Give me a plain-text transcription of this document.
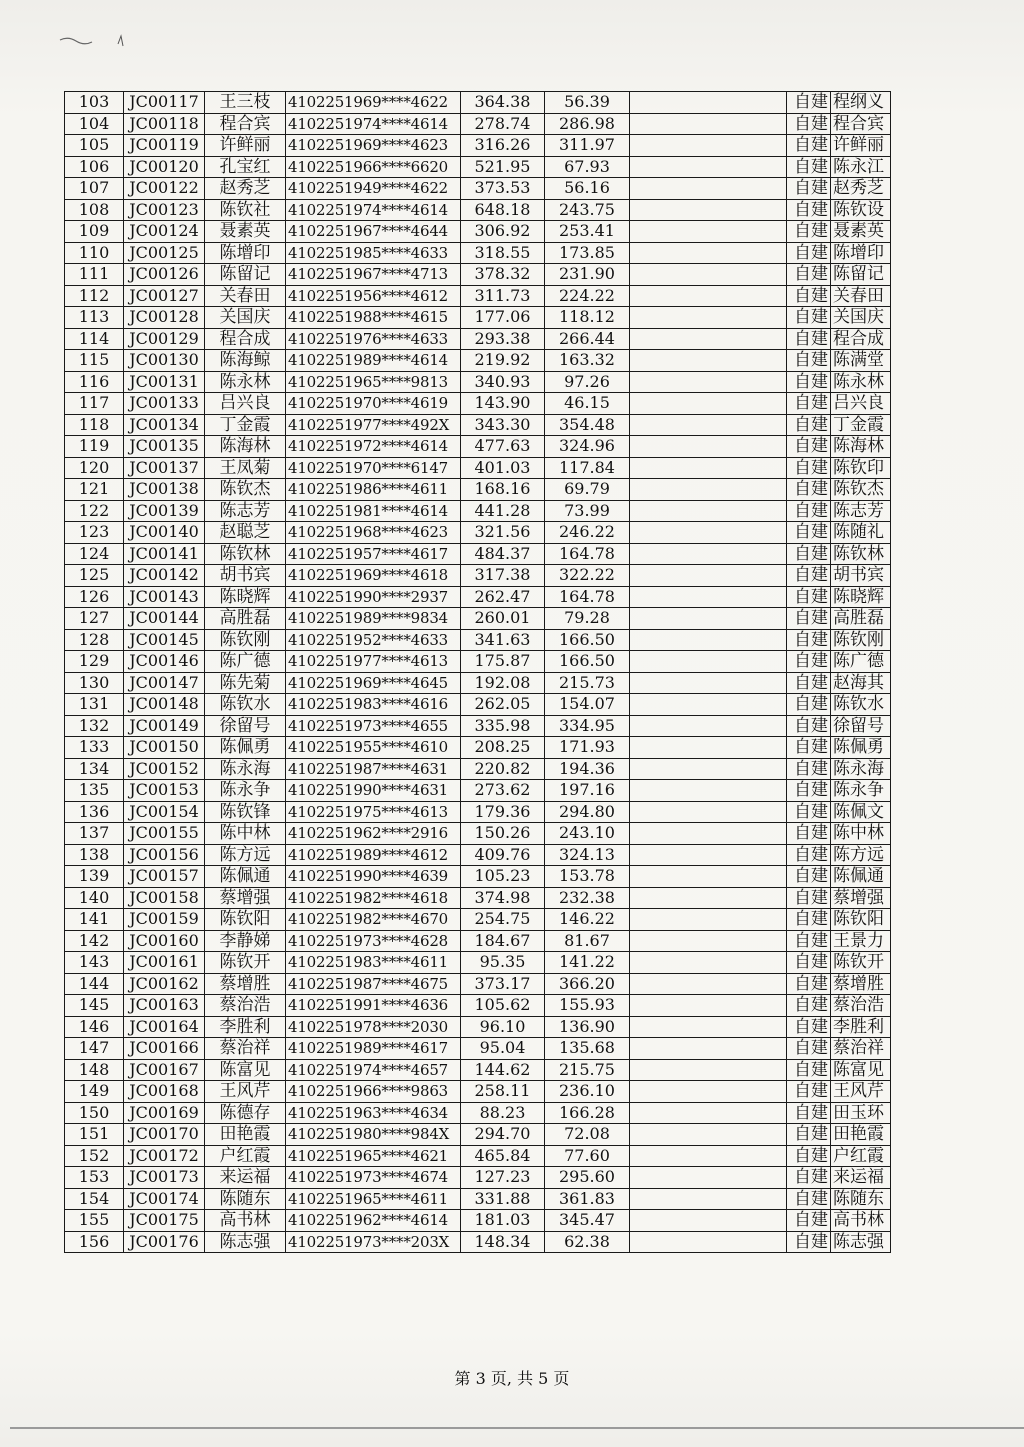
103	JC00117	王三枝	4102251969****4622	364.38	56.39		自建	程纲义
104	JC00118	程合宾	4102251974****4614	278.74	286.98		自建	程合宾
105	JC00119	许鲜丽	4102251969****4623	316.26	311.97		自建	许鲜丽
106	JC00120	孔宝红	4102251966****6620	521.95	67.93		自建	陈永江
107	JC00122	赵秀芝	4102251949****4622	373.53	56.16		自建	赵秀芝
108	JC00123	陈钦社	4102251974****4614	648.18	243.75		自建	陈钦设
109	JC00124	聂素英	4102251967****4644	306.92	253.41		自建	聂素英
110	JC00125	陈增印	4102251985****4633	318.55	173.85		自建	陈增印
111	JC00126	陈留记	4102251967****4713	378.32	231.90		自建	陈留记
112	JC00127	关春田	4102251956****4612	311.73	224.22		自建	关春田
113	JC00128	关国庆	4102251988****4615	177.06	118.12		自建	关国庆
114	JC00129	程合成	4102251976****4633	293.38	266.44		自建	程合成
115	JC00130	陈海鲸	4102251989****4614	219.92	163.32		自建	陈满堂
116	JC00131	陈永林	4102251965****9813	340.93	97.26		自建	陈永林
117	JC00133	吕兴良	4102251970****4619	143.90	46.15		自建	吕兴良
118	JC00134	丁金霞	4102251977****492X	343.30	354.48		自建	丁金霞
119	JC00135	陈海林	4102251972****4614	477.63	324.96		自建	陈海林
120	JC00137	王凤菊	4102251970****6147	401.03	117.84		自建	陈钦印
121	JC00138	陈钦杰	4102251986****4611	168.16	69.79		自建	陈钦杰
122	JC00139	陈志芳	4102251981****4614	441.28	73.99		自建	陈志芳
123	JC00140	赵聪芝	4102251968****4623	321.56	246.22		自建	陈随礼
124	JC00141	陈钦林	4102251957****4617	484.37	164.78		自建	陈钦林
125	JC00142	胡书宾	4102251969****4618	317.38	322.22		自建	胡书宾
126	JC00143	陈晓辉	4102251990****2937	262.47	164.78		自建	陈晓辉
127	JC00144	高胜磊	4102251989****9834	260.01	79.28		自建	高胜磊
128	JC00145	陈钦刚	4102251952****4633	341.63	166.50		自建	陈钦刚
129	JC00146	陈广德	4102251977****4613	175.87	166.50		自建	陈广德
130	JC00147	陈先菊	4102251969****4645	192.08	215.73		自建	赵海其
131	JC00148	陈钦水	4102251983****4616	262.05	154.07		自建	陈钦水
132	JC00149	徐留号	4102251973****4655	335.98	334.95		自建	徐留号
133	JC00150	陈佩勇	4102251955****4610	208.25	171.93		自建	陈佩勇
134	JC00152	陈永海	4102251987****4631	220.82	194.36		自建	陈永海
135	JC00153	陈永争	4102251990****4631	273.62	197.16		自建	陈永争
136	JC00154	陈钦锋	4102251975****4613	179.36	294.80		自建	陈佩文
137	JC00155	陈中林	4102251962****2916	150.26	243.10		自建	陈中林
138	JC00156	陈方远	4102251989****4612	409.76	324.13		自建	陈方远
139	JC00157	陈佩通	4102251990****4639	105.23	153.78		自建	陈佩通
140	JC00158	蔡增强	4102251982****4618	374.98	232.38		自建	蔡增强
141	JC00159	陈钦阳	4102251982****4670	254.75	146.22		自建	陈钦阳
142	JC00160	李静娣	4102251973****4628	184.67	81.67		自建	王景力
143	JC00161	陈钦开	4102251983****4611	95.35	141.22		自建	陈钦开
144	JC00162	蔡增胜	4102251987****4675	373.17	366.20		自建	蔡增胜
145	JC00163	蔡治浩	4102251991****4636	105.62	155.93		自建	蔡治浩
146	JC00164	李胜利	4102251978****2030	96.10	136.90		自建	李胜利
147	JC00166	蔡治祥	4102251989****4617	95.04	135.68		自建	蔡治祥
148	JC00167	陈富见	4102251974****4657	144.62	215.75		自建	陈富见
149	JC00168	王风芹	4102251966****9863	258.11	236.10		自建	王风芹
150	JC00169	陈德存	4102251963****4634	88.23	166.28		自建	田玉环
151	JC00170	田艳霞	4102251980****984X	294.70	72.08		自建	田艳霞
152	JC00172	户红霞	4102251965****4621	465.84	77.60		自建	户红霞
153	JC00173	来运福	4102251973****4674	127.23	295.60		自建	来运福
154	JC00174	陈随东	4102251965****4611	331.88	361.83		自建	陈随东
155	JC00175	高书林	4102251962****4614	181.03	345.47		自建	高书林
156	JC00176	陈志强	4102251973****203X	148.34	62.38		自建	陈志强
第 3 页, 共 5 页
